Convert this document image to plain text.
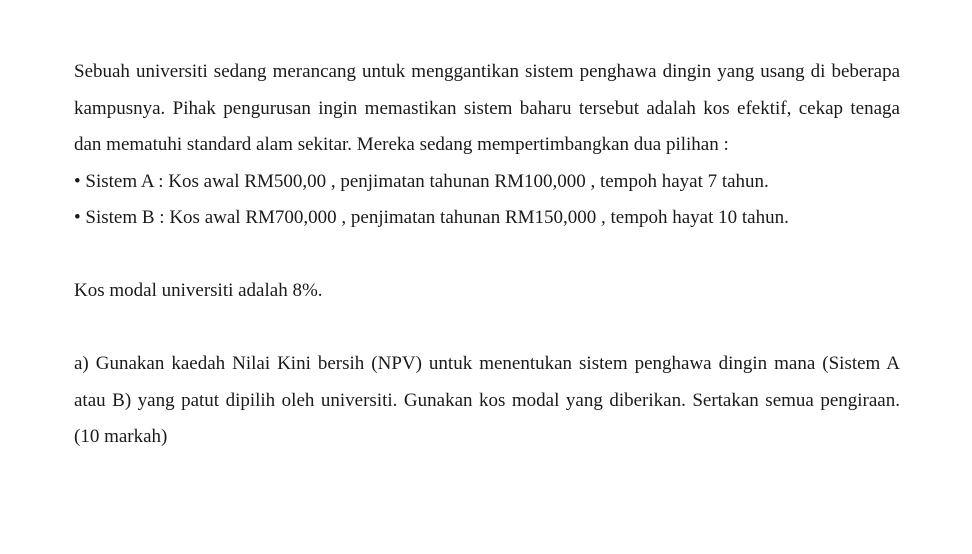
Sebuah universiti sedang merancang untuk menggantikan sistem penghawa dingin yang usang di beberapa kampusnya. Pihak pengurusan ingin memastikan sistem baharu tersebut adalah kos efektif, cekap tenaga dan mematuhi standard alam sekitar. Mereka sedang mempertimbangkan dua pilihan :

• Sistem A : Kos awal RM500,00 , penjimatan tahunan RM100,000 , tempoh hayat 7 tahun.

• Sistem B : Kos awal RM700,000 , penjimatan tahunan RM150,000 , tempoh hayat 10 tahun.

Kos modal universiti adalah 8%.

a) Gunakan kaedah Nilai Kini bersih (NPV) untuk menentukan sistem penghawa dingin mana (Sistem A atau B) yang patut dipilih oleh universiti. Gunakan kos modal yang diberikan. Sertakan semua pengiraan. (10 markah)
